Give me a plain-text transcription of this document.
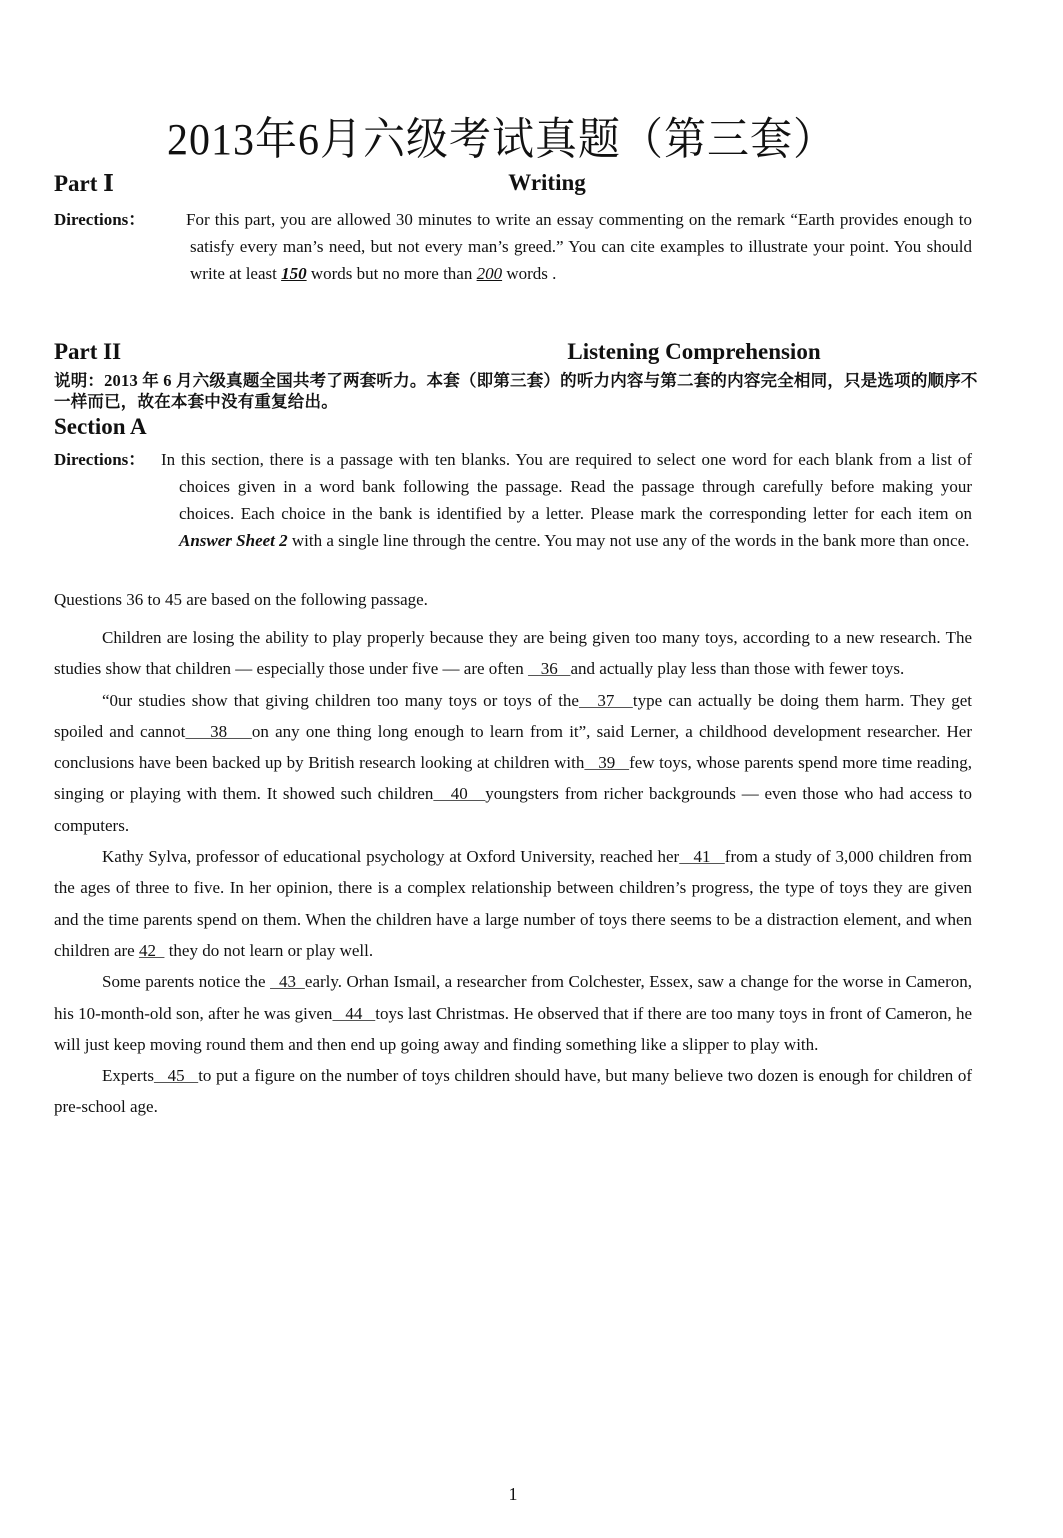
2013年6月六级考试真题（第三套）
Part Ⅰ	Writing
Directions：	For this part, you are allowed 30 minutes to write an essay commenting on the remark “Earth provides enough to satisfy every man’s need, but not every man’s greed.” You can cite examples to illustrate your point. You should write at least 150 words but no more than 200 words .
Part II	Listening Comprehension
说明：2013 年 6 月六级真题全国共考了两套听力。本套（即第三套）的听力内容与第二套的内容完全相同，只是选项的顺序不一样而已，故在本套中没有重复给出。
Section A
Directions： In this section, there is a passage with ten blanks. You are required to select one word for each blank from a list of choices given in a word bank following the passage. Read the passage through carefully before making your choices. Each choice in the bank is identified by a letter. Please mark the corresponding letter for each item on Answer Sheet 2 with a single line through the centre. You may not use any of the words in the bank more than once.
Questions 36 to 45 are based on the following passage.

Children are losing the ability to play properly because they are being given too many toys, according to a new research. The studies show that children — especially those under five — are often    36   and actually play less than those with fewer toys.

“0ur studies show that giving children too many toys or toys of the   37   type can actually be doing them harm. They get spoiled and cannot    38    on any one thing long enough to learn from it”, said Lerner, a childhood development researcher. Her conclusions have been backed up by British research looking at children with   39   few toys, whose parents spend more time reading, singing or playing with them. It showed such children   40   youngsters from richer backgrounds — even those who had access to computers.

Kathy Sylva, professor of educational psychology at Oxford University, reached her   41   from a study of 3,000 children from the ages of three to five. In her opinion, there is a complex relationship between children’s progress, the type of toys they are given and the time parents spend on them. When the children have a large number of toys there seems to be a distraction element, and when children are 42   they do not learn or play well.

Some parents notice the   43  early. Orhan Ismail, a researcher from Colchester, Essex, saw a change for the worse in Cameron, his 10-month-old son, after he was given   44   toys last Christmas. He observed that if there are too many toys in front of Cameron, he will just keep moving round them and then end up going away and finding something like a slipper to play with.

Experts   45   to put a figure on the number of toys children should have, but many believe two dozen is enough for children of pre-school age.

1
